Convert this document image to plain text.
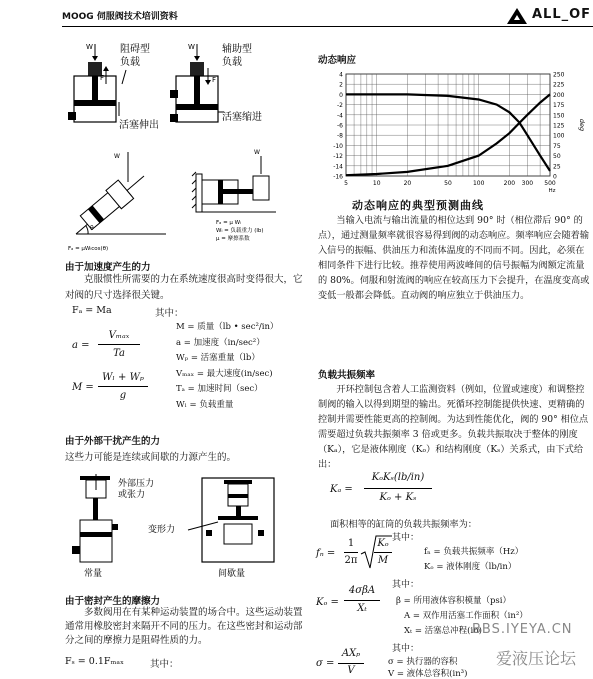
MOOG 伺服阀技术培训资料	ALL_OF
W
F
阻碍型
负载
活塞伸出
W
F
辅助型
负载
活塞缩进
W
θ
Fₐ = μWₗcos(θ)
W
Fₐ = μ Wₗ
Wₗ = 负载重力 (lb)
μ = 摩擦系数
由于加速度产生的力
克服惯性所需要的力在系统速度很高时变得很大，它对阀的尺寸选择很关键。
Fₐ = Ma	其中：
a =
Vₘₐₓ
Ta
M =
Wₗ + Wₚ
g
M = 质量（lb • sec²/in）
a = 加速度（in/sec²）
Wₚ = 活塞重量（lb）
Vₘₐₓ = 最大速度(in/sec)
Tₐ = 加速时间（sec）
Wₗ = 负载重量
由于外部干扰产生的力
这些力可能是连续或间歇的力源产生的。
外部压力
或张力
常量
变形力
间歇量
由于密封产生的摩擦力
多数阀用在有某种运动装置的场合中。这些运动装置通常用橡胶密封来隔开不同的压力。在这些密封和运动部分之间的摩擦力是阻碍性质的力。
Fₛ = 0.1Fₘₐₓ	其中：
动态响应
4
2
0
-2
-4
-6
-8
-10
-12
-14
-16
250
225
200
175
150
125
100
75
50
25
0
deg
5	10	20	50	100	200 300 500
Hz
动态响应的典型预测曲线
当输入电流与输出流量的相位达到 90° 时（相位滞后 90° 的点），通过测量频率就很容易得到阀的动态响应。频率响应会随着输入信号的振幅、供油压力和流体温度的不同而不同。因此，必须在相同条件下进行比较。推荐使用两波峰间的信号振幅为阀额定流量的 80%。伺服和射流阀的响应在较高压力下会提升，在温度变高或变低一般都会降低。直动阀的响应独立于供油压力。
负载共振频率
开环控制包含着人工监测资料（例如，位置或速度）和调整控制阀的输入以得到期望的输出。死循环控制能提供快速、更精确的控制并需要性能更高的控制阀。为达到性能优化，阀的 90° 相位点需要超过负载共振频率 3 倍或更多。负载共振取决于整体的刚度（Kₐ），它是液体刚度（Kₒ）和结构刚度（Kₛ）关系式，由下式给出：
Kₐ =
KₒKₛ(lb/in)
Kₒ + Kₛ
面积相等的缸筒的负载共振频率为：
其中：
fₙ =
1
2π
Kₒ
M
fₙ = 负载共振频率（Hz）
Kₒ = 液体刚度（lb/in）
其中：
Kₒ =
4σβA
Xₜ
β = 所用液体容积模量（psi）
A = 双作用活塞工作面积（in²）
Xₜ = 活塞总冲程(in)
其中：
σ =
AXₚ
V
σ = 执行器的容积
V = 液体总容积(in³)
BBS.IYEYA.CN
爱液压论坛
